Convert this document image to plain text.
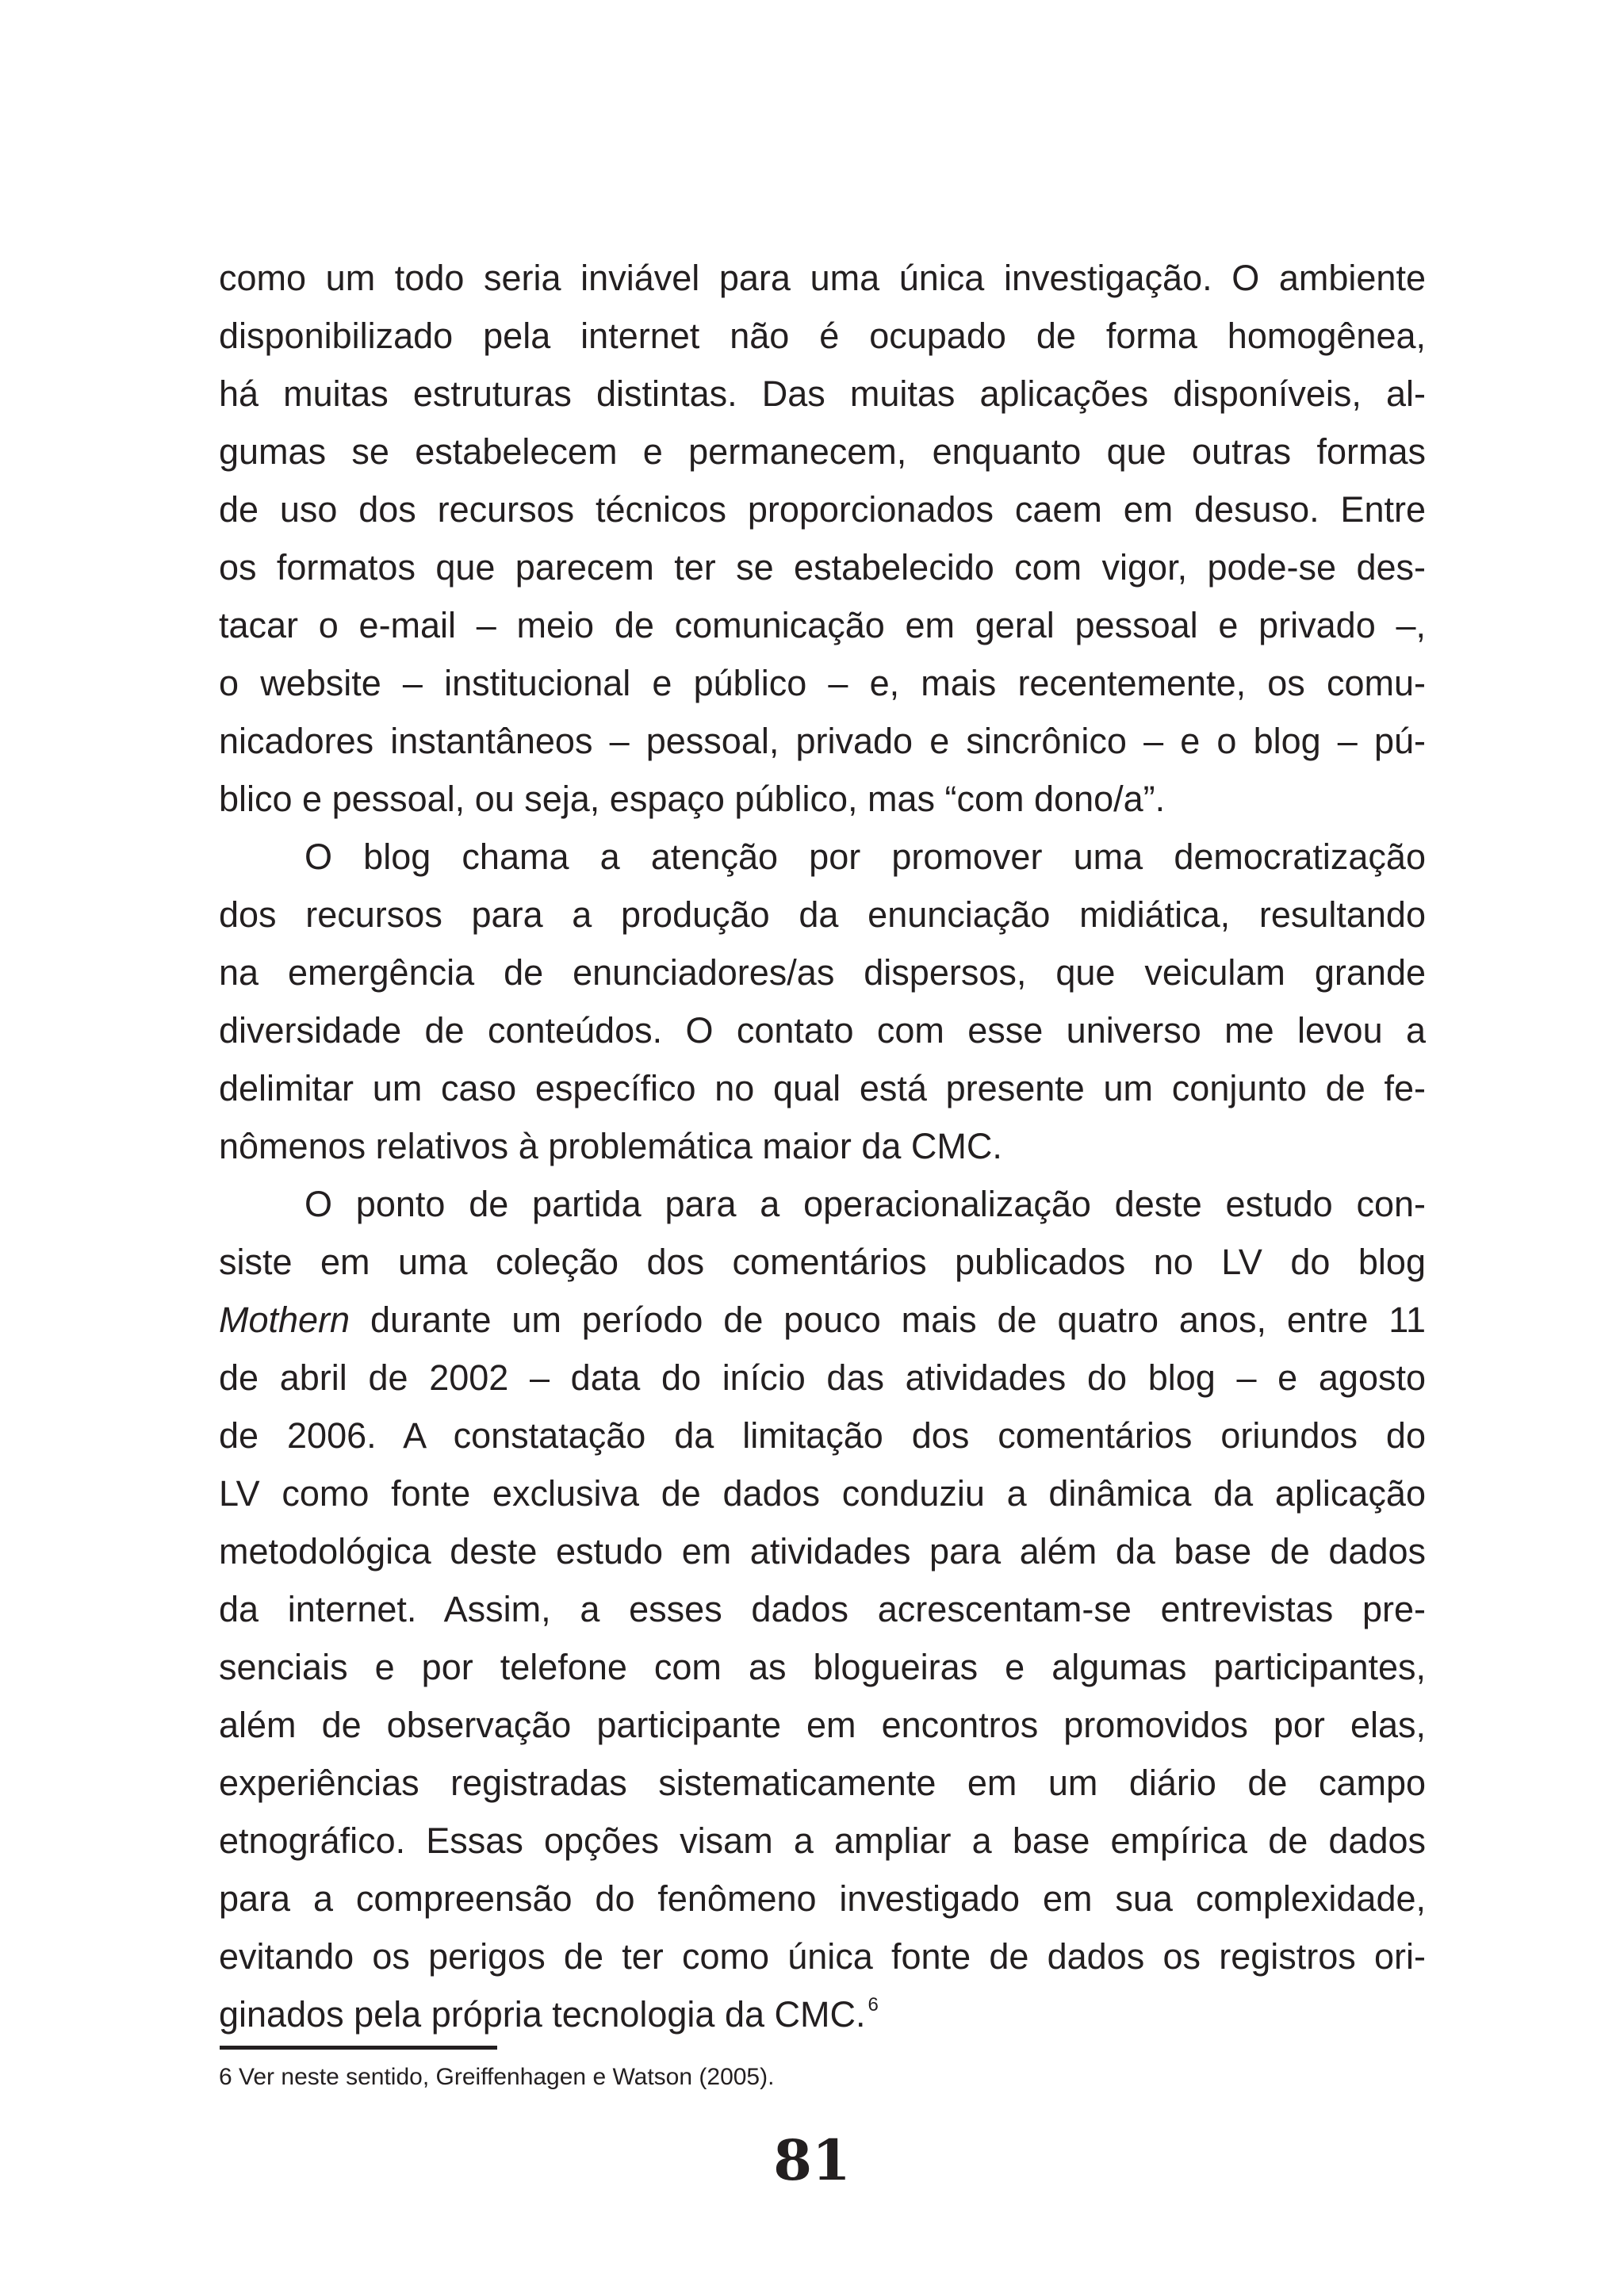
como um todo seria inviável para uma única investigação. O ambiente
disponibilizado pela internet não é ocupado de forma homogênea,
há muitas estruturas distintas. Das muitas aplicações disponíveis, al-
gumas se estabelecem e permanecem, enquanto que outras formas
de uso dos recursos técnicos proporcionados caem em desuso. Entre
os formatos que parecem ter se estabelecido com vigor, pode-se des-
tacar o e-mail – meio de comunicação em geral pessoal e privado –,
o website – institucional e público – e, mais recentemente, os comu-
nicadores instantâneos – pessoal, privado e sincrônico – e o blog – pú-
blico e pessoal, ou seja, espaço público, mas “com dono/a”.

O blog chama a atenção por promover uma democratização
dos recursos para a produção da enunciação midiática, resultando
na emergência de enunciadores/as dispersos, que veiculam grande
diversidade de conteúdos. O contato com esse universo me levou a
delimitar um caso específico no qual está presente um conjunto de fe-
nômenos relativos à problemática maior da CMC.

O ponto de partida para a operacionalização deste estudo con-
siste em uma coleção dos comentários publicados no LV do blog
Mothern durante um período de pouco mais de quatro anos, entre 11
de abril de 2002 – data do início das atividades do blog – e agosto
de 2006. A constatação da limitação dos comentários oriundos do
LV como fonte exclusiva de dados conduziu a dinâmica da aplicação
metodológica deste estudo em atividades para além da base de dados
da internet. Assim, a esses dados acrescentam-se entrevistas pre-
senciais e por telefone com as blogueiras e algumas participantes,
além de observação participante em encontros promovidos por elas,
experiências registradas sistematicamente em um diário de campo
etnográfico. Essas opções visam a ampliar a base empírica de dados
para a compreensão do fenômeno investigado em sua complexidade,
evitando os perigos de ter como única fonte de dados os registros ori-
ginados pela própria tecnologia da CMC. $^6$

6 Ver neste sentido, Greiffenhagen e Watson (2005).
81
